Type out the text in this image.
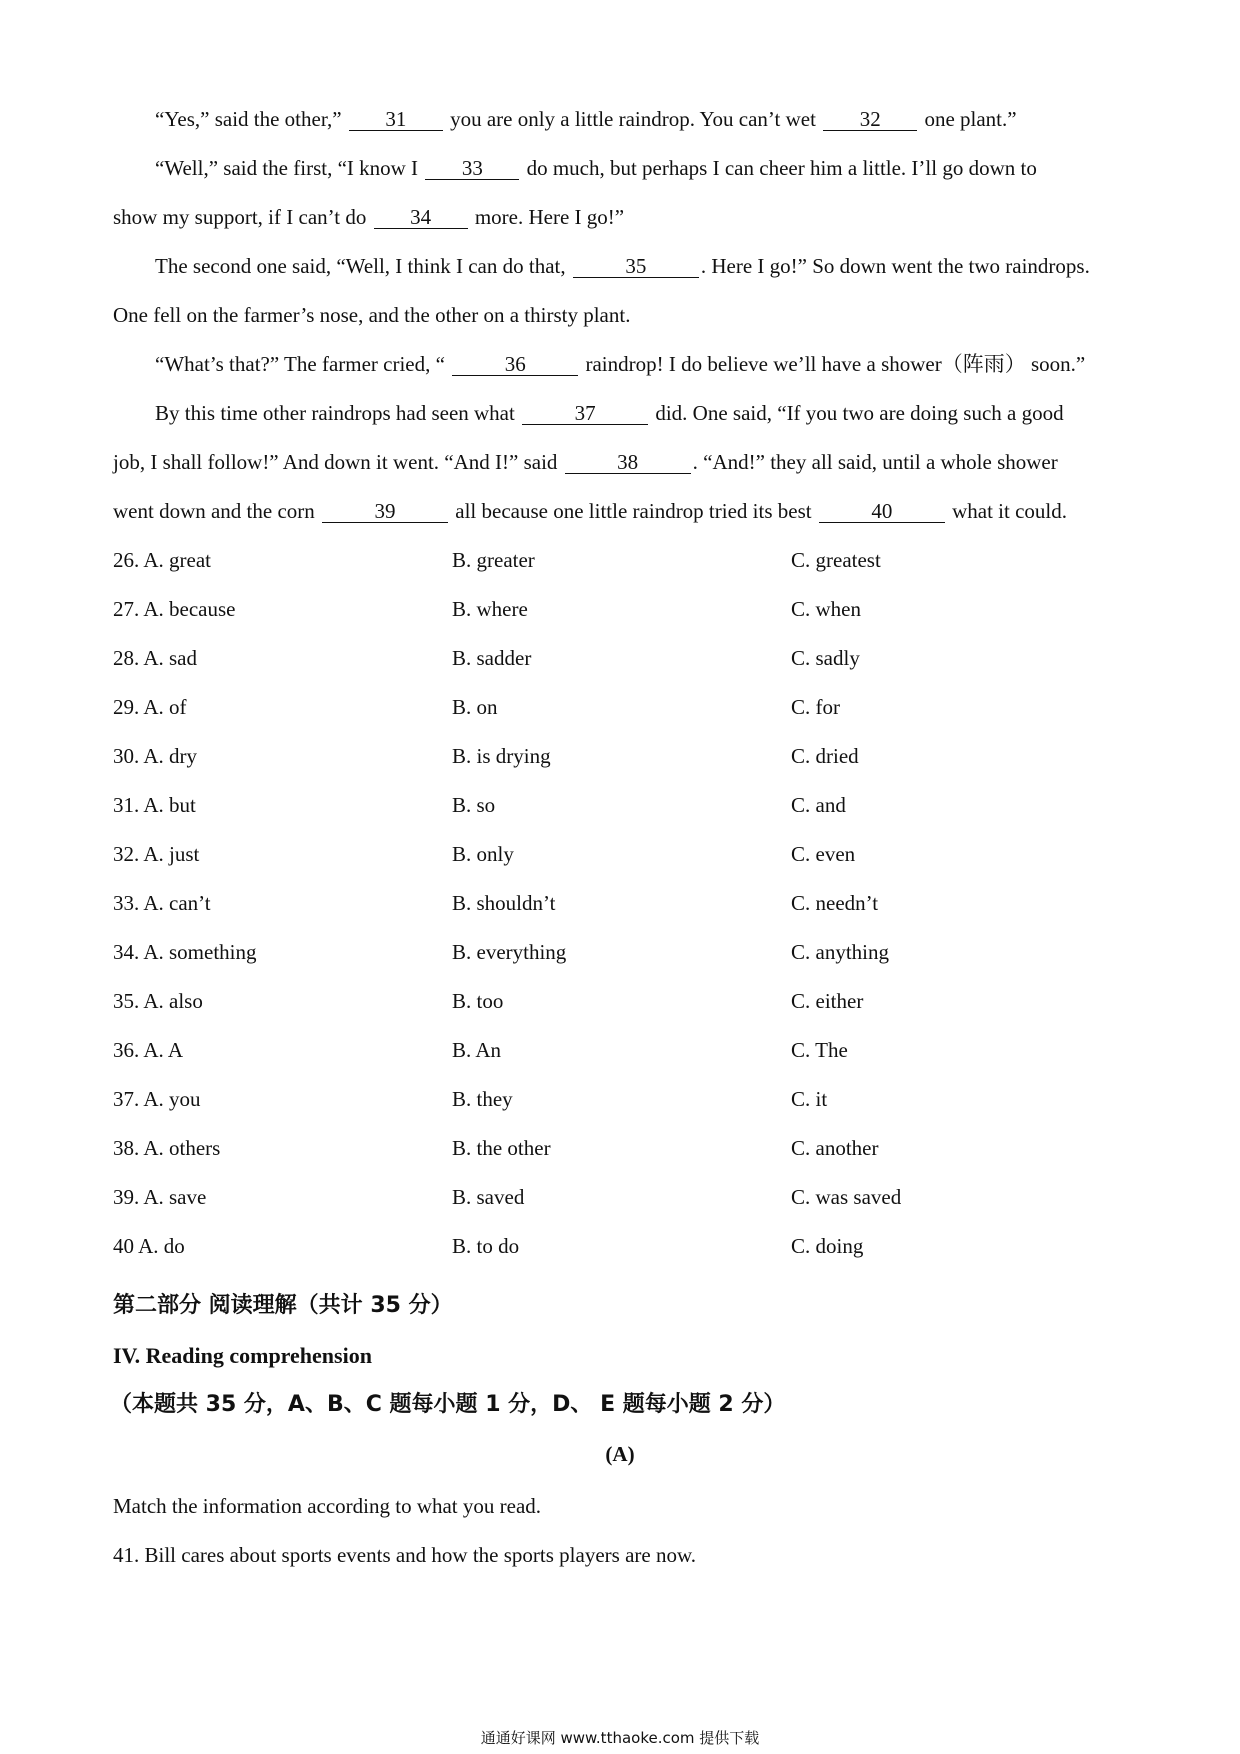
“Yes,” said the other,” 31 you are only a little raindrop. You can’t wet 32 one plant.”
“Well,” said the first, “I know I 33 do much, but perhaps I can cheer him a little. I’ll go down to
show my support, if I can’t do 34 more. Here I go!”
The second one said, “Well, I think I can do that,	35	. Here I go!” So down went the two raindrops.
One fell on the farmer’s nose, and the other on a thirsty plant.
“What’s that?” The farmer cried, “	36	raindrop! I do believe we’ll have a shower（阵雨） soon.”
By this time other raindrops had seen what	37	did. One said, “If you two are doing such a good
job, I shall follow!” And down it went. “And I!” said	38	. “And!” they all said, until a whole shower
went down and the corn	39	all because one little raindrop tried its best	40	what it could.
26. A. great	B. greater	C. greatest
27. A. because	B. where	C. when
28. A. sad	B. sadder	C. sadly
29. A. of	B. on	C. for
30. A. dry	B. is drying	C. dried
31. A. but	B. so	C. and
32. A. just	B. only	C. even
33. A. can’t	B. shouldn’t	C. needn’t
34. A. something	B. everything	C. anything
35. A. also	B. too	C. either
36. A. A	B. An	C. The
37. A. you	B. they	C. it
38. A. others	B. the other	C. another
39. A. save	B. saved	C. was saved
40 A. do	B. to do	C. doing
第二部分 阅读理解（共计 35 分）
IV. Reading comprehension
（本题共 35 分，A、B、C 题每小题 1 分，D、 E 题每小题 2 分）
(A)
Match the information according to what you read.
41. Bill cares about sports events and how the sports players are now.
通通好课网 www.tthaoke.com 提供下载
